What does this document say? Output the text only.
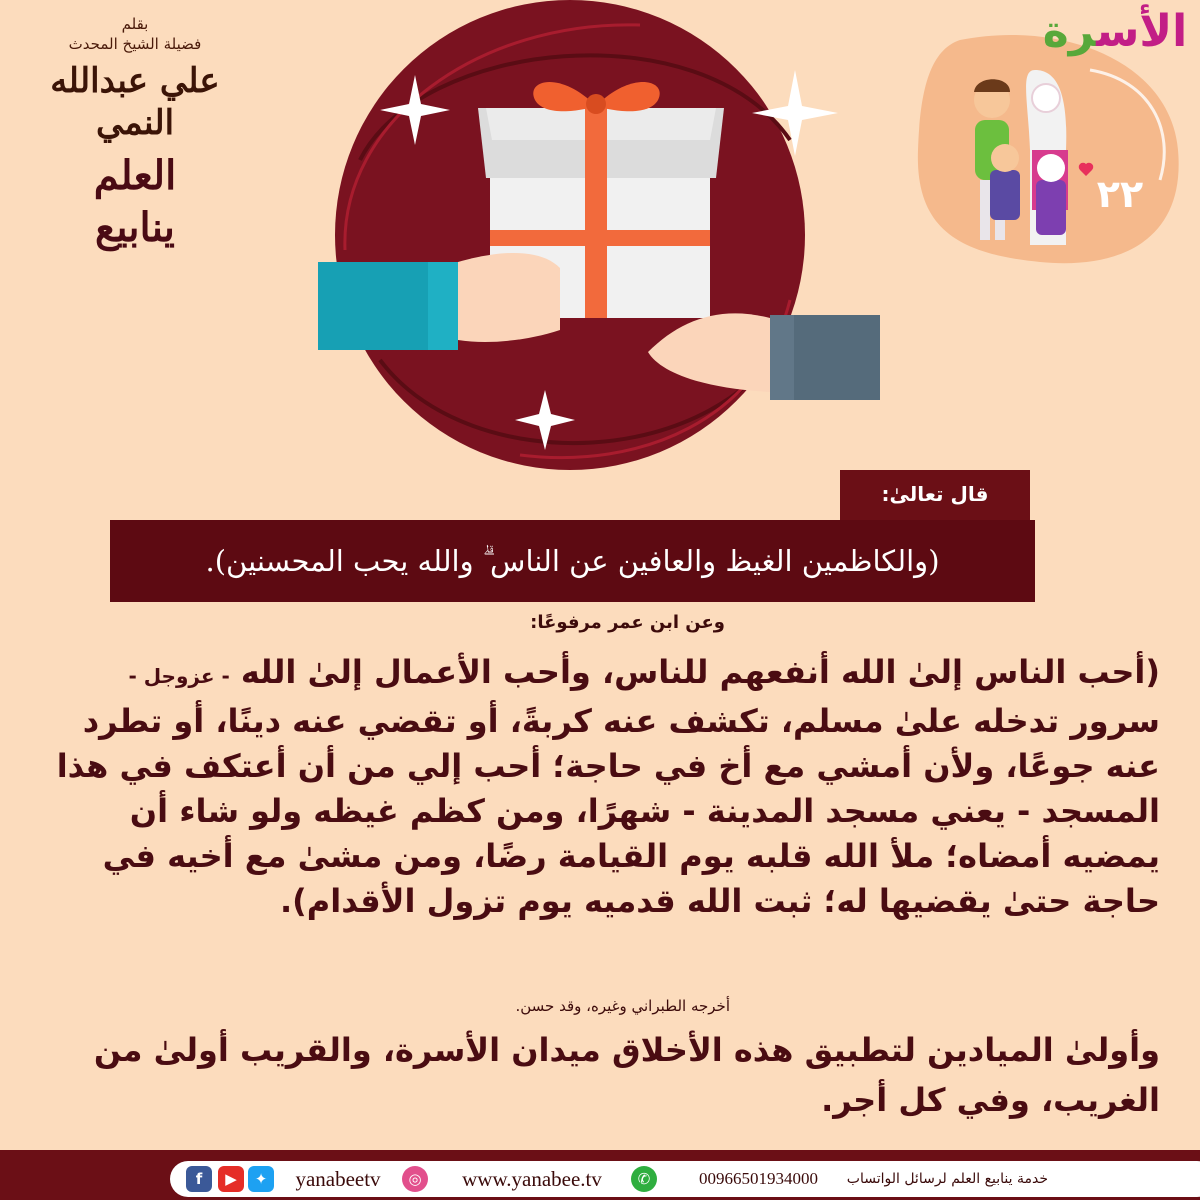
بقلم
فضيلة الشيخ المحدث
علي عبدالله النمي
العلم
ينابيع
الأسرة
٢٢
قال تعالىٰ:
(والكاظمين الغيظ والعافين عن الناس ۗ والله يحب المحسنين).
وعن ابن عمر مرفوعًا:
(أحب الناس إلىٰ الله أنفعهم للناس، وأحب الأعمال إلىٰ الله - عزوجل - سرور تدخله علىٰ مسلم، تكشف عنه كربةً، أو تقضي عنه دينًا، أو تطرد عنه جوعًا، ولأن أمشي مع أخ في حاجة؛ أحب إلي من أن أعتكف في هذا المسجد - يعني مسجد المدينة - شهرًا، ومن كظم غيظه ولو شاء أن يمضيه أمضاه؛ ملأ الله قلبه يوم القيامة رضًا، ومن مشىٰ مع أخيه في حاجة حتىٰ يقضيها له؛ ثبت الله قدميه يوم تزول الأقدام).
أخرجه الطبراني وغيره، وقد حسن.
وأولىٰ الميادين لتطبيق هذه الأخلاق ميدان الأسرة، والقريب أولىٰ من الغريب، وفي كل أجر.
خدمة ينابيع العلم لرسائل الواتساب
00966501934000
✆
www.yanabee.tv
◎
yanabeetv
✦
▶
f
